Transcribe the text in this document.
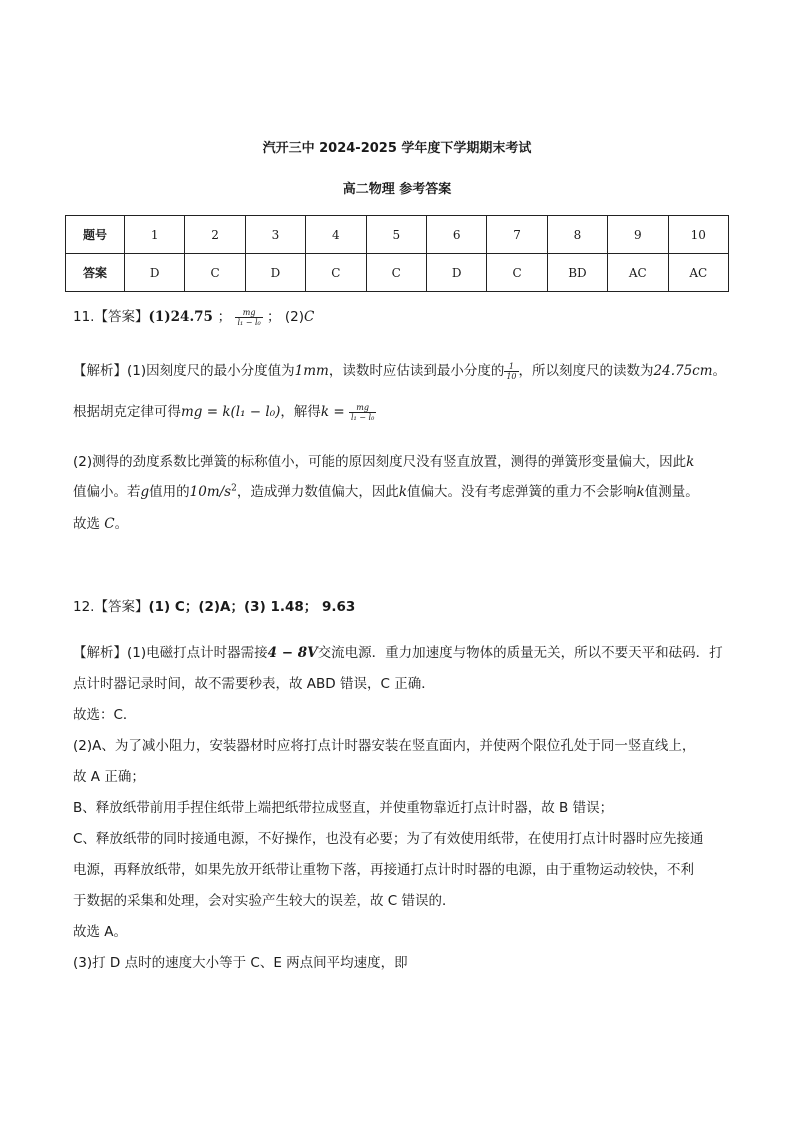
汽开三中 2024-2025 学年度下学期期末考试
高二物理 参考答案
题号	1	2	3	4	5	6	7	8	9	10
答案	D	C	D	C	C	D	C	BD	AC	AC
11.【答案】(1)24.75 ； $\frac{mg}{\text{l₁ − l₀}}$ ； (2)C
【解析】(1)因刻度尺的最小分度值为1mm，读数时应估读到最小分度的 $\frac{1}{10}$ ，所以刻度尺的读数为24.75cm。
根据胡克定律可得mg = k(l₁ − l₀)，解得$k = \frac{mg}{\text{l₁ − l₀}}$
(2)测得的劲度系数比弹簧的标称值小，可能的原因刻度尺没有竖直放置，测得的弹簧形变量偏大，因此k
值偏小。若g值用的$10m/s^2$，造成弹力数值偏大，因此k值偏大。没有考虑弹簧的重力不会影响k值测量。
故选 C。
12.【答案】(1) C；(2)A；(3) 1.48； 9.63
【解析】(1)电磁打点计时器需接4 − 8V交流电源．重力加速度与物体的质量无关，所以不要天平和砝码．打
点计时器记录时间，故不需要秒表，故 ABD 错误，C 正确．
故选：C．
(2)A、为了减小阻力，安装器材时应将打点计时器安装在竖直面内，并使两个限位孔处于同一竖直线上，
故 A 正确；
B、释放纸带前用手捏住纸带上端把纸带拉成竖直，并使重物靠近打点计时器，故 B 错误；
C、释放纸带的同时接通电源，不好操作，也没有必要；为了有效使用纸带，在使用打点计时器时应先接通
电源，再释放纸带，如果先放开纸带让重物下落，再接通打点计时时器的电源，由于重物运动较快，不利
于数据的采集和处理，会对实验产生较大的误差，故 C 错误的．
故选 A。
(3)打 D 点时的速度大小等于 C、E 两点间平均速度，即
